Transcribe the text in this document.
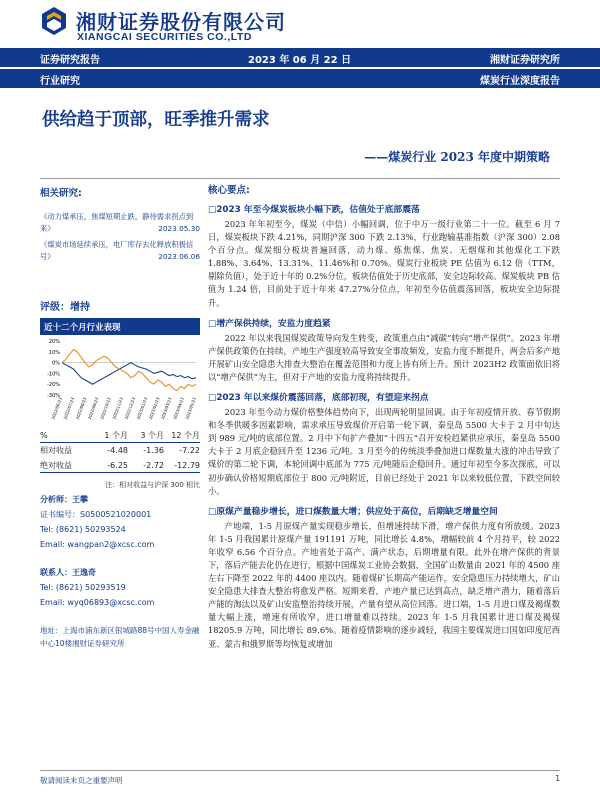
湘财证券股份有限公司
XIANGCAI SECURITIES CO.,LTD
证券研究报告	2023 年 06 月 22 日	湘财证券研究所
行业研究	煤炭行业深度报告
供给趋于顶部，旺季推升需求
——煤炭行业 2023 年度中期策略
相关研究:
《动力煤承压，焦煤短期止跌，静待需求拐点到来》	2023.05.30
《煤炭市场延续承压，电厂库存去化释放积极信号》	2023.06.06
评级：增持
近十二个月行业表现
20%
10%
0%
-10%
-20%
-30%
2022/06/23 2022/07/23 2022/08/23 2022/09/23 2022/10/23 2022/11/23 2022/12/23 2023/01/23 2023/02/23 2023/03/23 2023/04/23 2023/05/23
%	1 个月	3 个月 12 个月
相对收益	-4.48	-1.36	-7.22
绝对收益	-6.25	-2.72	-12.79
注：相对收益与沪深 300 相比
分析师：王攀
证书编号：S0500521020001
Tel: (8621) 50293524
Email: wangpan2@xcsc.com
联系人：王逸奇
Tel: (8621) 50293519
Email: wyq06893@xcsc.com
地址：上海市浦东新区银城路88号中国人寿金融中心10楼湘财证券研究所
核心要点:
□ 2023 年至今煤炭板块小幅下跌，估值处于底部震荡
2023 年年初至今，煤炭（中信）小幅回调，位于中万一级行业第二十一位。截至 6 月 7 日，煤炭板块下跌 4.21%，同期沪深 300 下跌 2.13%，行业跑输基准指数（沪深 300）2.08 个百分点。煤炭细分板块普遍回落，动力煤、炼焦煤、焦炭、无烟煤和其他煤化工下跌 1.88%、3.64%、13.31%、11.46%和 0.70%。煤炭行业板块 PE 估值为 6.12 倍（TTM，剔除负值），处于近十年的 0.2%分位，板块估值处于历史底部，安全边际较高。煤炭板块 PB 估值为 1.24 倍，目前处于近十年来 47.27%分位点，年初至今估值震荡回落，板块安全边际提升。
□ 增产保供持续，安监力度趋紧
2022 年以来我国煤炭政策导向发生转变，政策重点由“减碳”转向“增产保供”。2023 年增产保供政策仍在持续，产地生产强度较高导致安全事故频发，安监力度不断提升，两会后多产地开展矿山安全隐患大排查大整治在覆盖范围和力度上皆有所上升。预计 2023H2 政策面依旧将以“增产保供”为主，但对于产地的安监力度将持续提升。
□ 2023 年以来煤价震荡回落，底部初现，有望迎来拐点
2023 年至今动力煤价格整体趋势向下，出现两轮明显回调。由于年初疫情开放、春节假期和冬季供暖多因素影响，需求承压导致煤价开启第一轮下调，秦皇岛 5500 大卡于 2 月中旬达到 989 元/吨的底部位置。2 月中下旬扩产叠加“十四五”召开安检趋紧供应承压，秦皇岛 5500 大卡于 2 月底企稳回升至 1236 元/吨。3 月至今的传统淡季叠加进口煤数量大涨的冲击导致了煤价的第二轮下调，本轮回调中底部为 775 元/吨随后企稳回升。通过年初至今多次探底，可以初步确认价格短期底部位于 800 元/吨附近，目前已经处于 2021 年以来较低位置，下跌空间较小。
□ 原煤产量稳步增长，进口煤数量大增；供应处于高位，后期缺乏增量空间
产地端，1-5 月原煤产量实现稳步增长，但增速持续下滑，增产保供力度有所放缓。2023 年 1-5 月我国累计原煤产量 191191 万吨，同比增长 4.8%，增幅较前 4 个月持平，较 2022 年收窄 6.56 个百分点。产地省处于高产、满产状态，后期增量有限。此外在增产保供的背景下，落后产能去化仍在进行，根据中国煤炭工业协会数据，全国矿山数量由 2021 年的 4500 座左右下降至 2022 年的 4400 座以内。随着煤矿长期高产能运作，安全隐患压力持续增大，矿山安全隐患大排查大整治将愈发严格。短期来看，产地产量已达到高点，缺乏增产潜力，随着落后产能的淘汰以及矿山安监整治持续开展，产量有望从高位回落。进口端，1-5 月进口煤及褐煤数量大幅上涨，增速有所收窄，进口增量难以持续。2023 年 1-5 月我国累计进口煤及褐煤 18205.9 万吨，同比增长 89.6%。随着疫情影响的逐步减轻，我国主要煤炭进口国如印度尼西亚、蒙古和俄罗斯等均恢复或增加
敬请阅读末页之重要声明	1
